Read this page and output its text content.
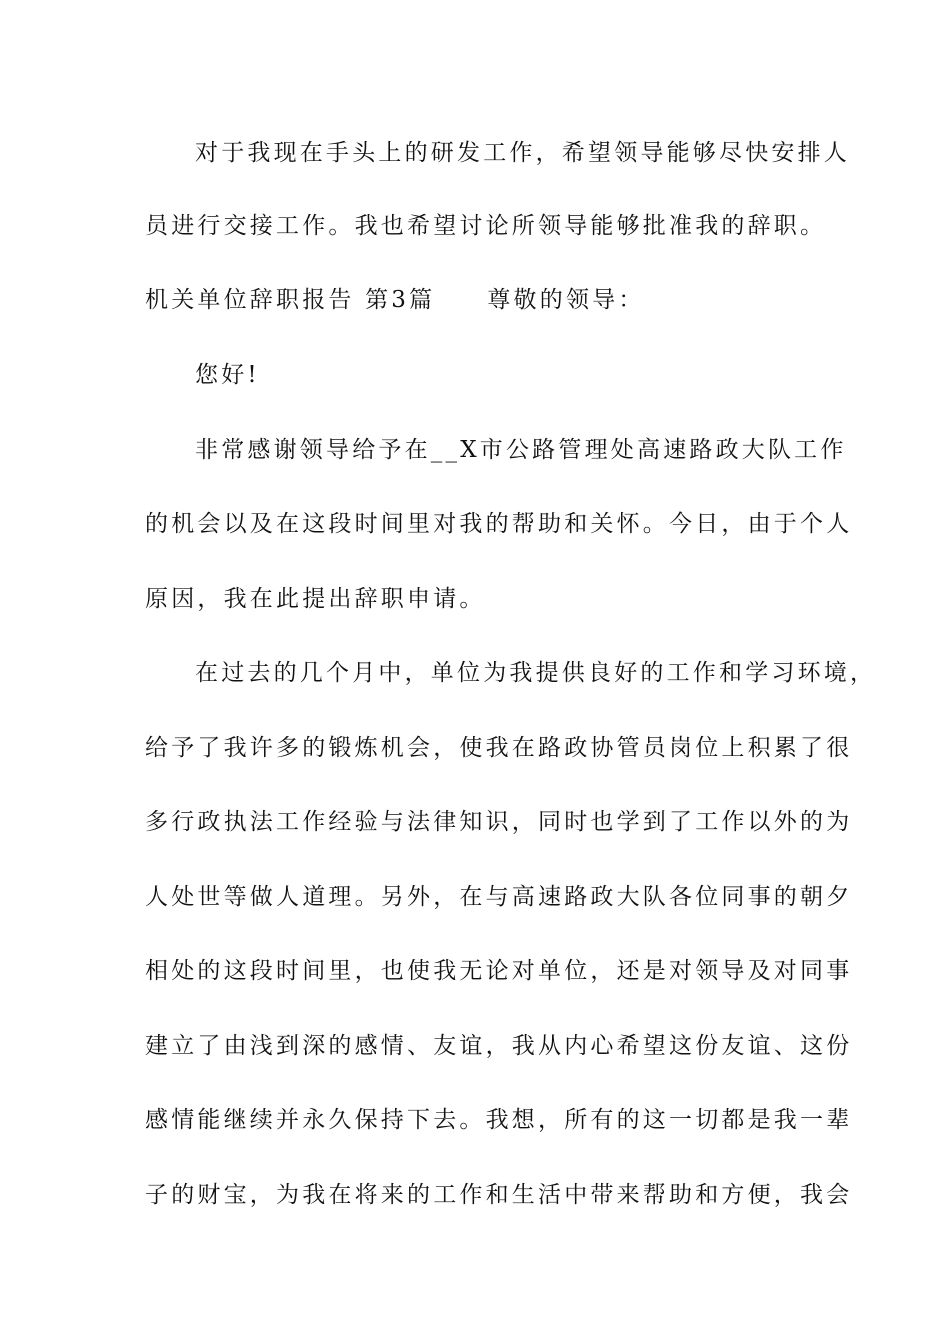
对于我现在手头上的研发工作，希望领导能够尽快安排人
员进行交接工作。我也希望讨论所领导能够批准我的辞职。
机关单位辞职报告 第3篇 尊敬的领导：
您好!
非常感谢领导给予在__X市公路管理处高速路政大队工作
的机会以及在这段时间里对我的帮助和关怀。今日，由于个人
原因，我在此提出辞职申请。
在过去的几个月中，单位为我提供良好的工作和学习环境，
给予了我许多的锻炼机会，使我在路政协管员岗位上积累了很
多行政执法工作经验与法律知识，同时也学到了工作以外的为
人处世等做人道理。另外，在与高速路政大队各位同事的朝夕
相处的这段时间里，也使我无论对单位，还是对领导及对同事
建立了由浅到深的感情、友谊，我从内心希望这份友谊、这份
感情能继续并永久保持下去。我想，所有的这一切都是我一辈
子的财宝，为我在将来的工作和生活中带来帮助和方便，我会
